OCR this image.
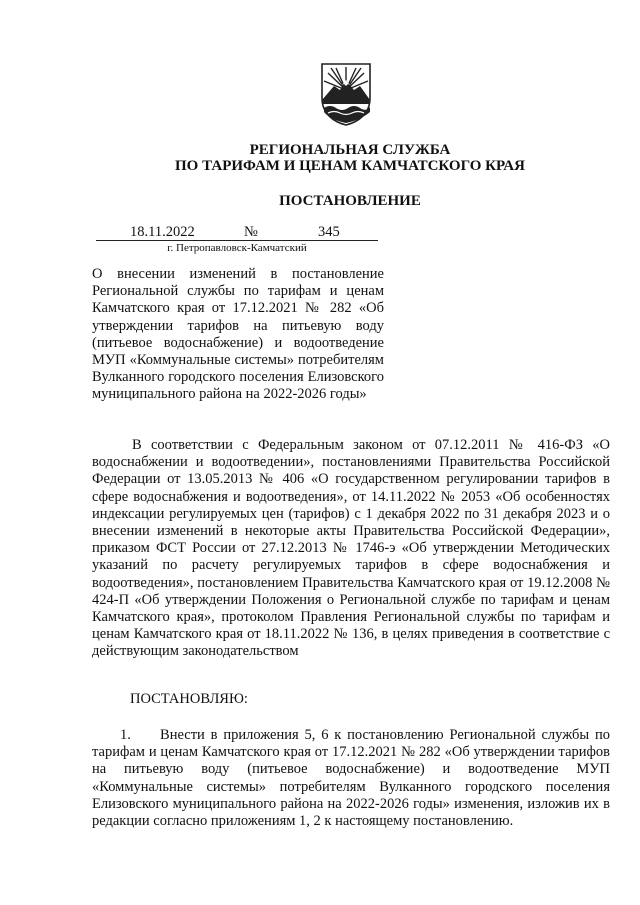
РЕГИОНАЛЬНАЯ СЛУЖБА
ПО ТАРИФАМ И ЦЕНАМ КАМЧАТСКОГО КРАЯ
ПОСТАНОВЛЕНИЕ
18.11.2022	№	345
г. Петропавловск-Камчатский
О внесении изменений в постановление Региональной службы по тарифам и ценам Камчатского края от 17.12.2021 № 282 «Об утверждении тарифов на питьевую воду (питьевое водоснабжение) и водоотведение МУП «Коммунальные системы» потребителям Вулканного городского поселения Елизовского муниципального района на 2022-2026 годы»
В соответствии с Федеральным законом от 07.12.2011 № 416-ФЗ «О водоснабжении и водоотведении», постановлениями Правительства Российской Федерации от 13.05.2013 № 406 «О государственном регулировании тарифов в сфере водоснабжения и водоотведения», от 14.11.2022 № 2053 «Об особенностях индексации регулируемых цен (тарифов) с 1 декабря 2022 по 31 декабря 2023 и о внесении изменений в некоторые акты Правительства Российской Федерации», приказом ФСТ России от 27.12.2013 № 1746-э «Об утверждении Методических указаний по расчету регулируемых тарифов в сфере водоснабжения и водоотведения», постановлением Правительства Камчатского края от 19.12.2008 № 424-П «Об утверждении Положения о Региональной службе по тарифам и ценам Камчатского края», протоколом Правления Региональной службы по тарифам и ценам Камчатского края от 18.11.2022 № 136, в целях приведения в соответствие с действующим законодательством
ПОСТАНОВЛЯЮ:
1. Внести в приложения 5, 6 к постановлению Региональной службы по тарифам и ценам Камчатского края от 17.12.2021 № 282 «Об утверждении тарифов на питьевую воду (питьевое водоснабжение) и водоотведение МУП «Коммунальные системы» потребителям Вулканного городского поселения Елизовского муниципального района на 2022-2026 годы» изменения, изложив их в редакции согласно приложениям 1, 2 к настоящему постановлению.
